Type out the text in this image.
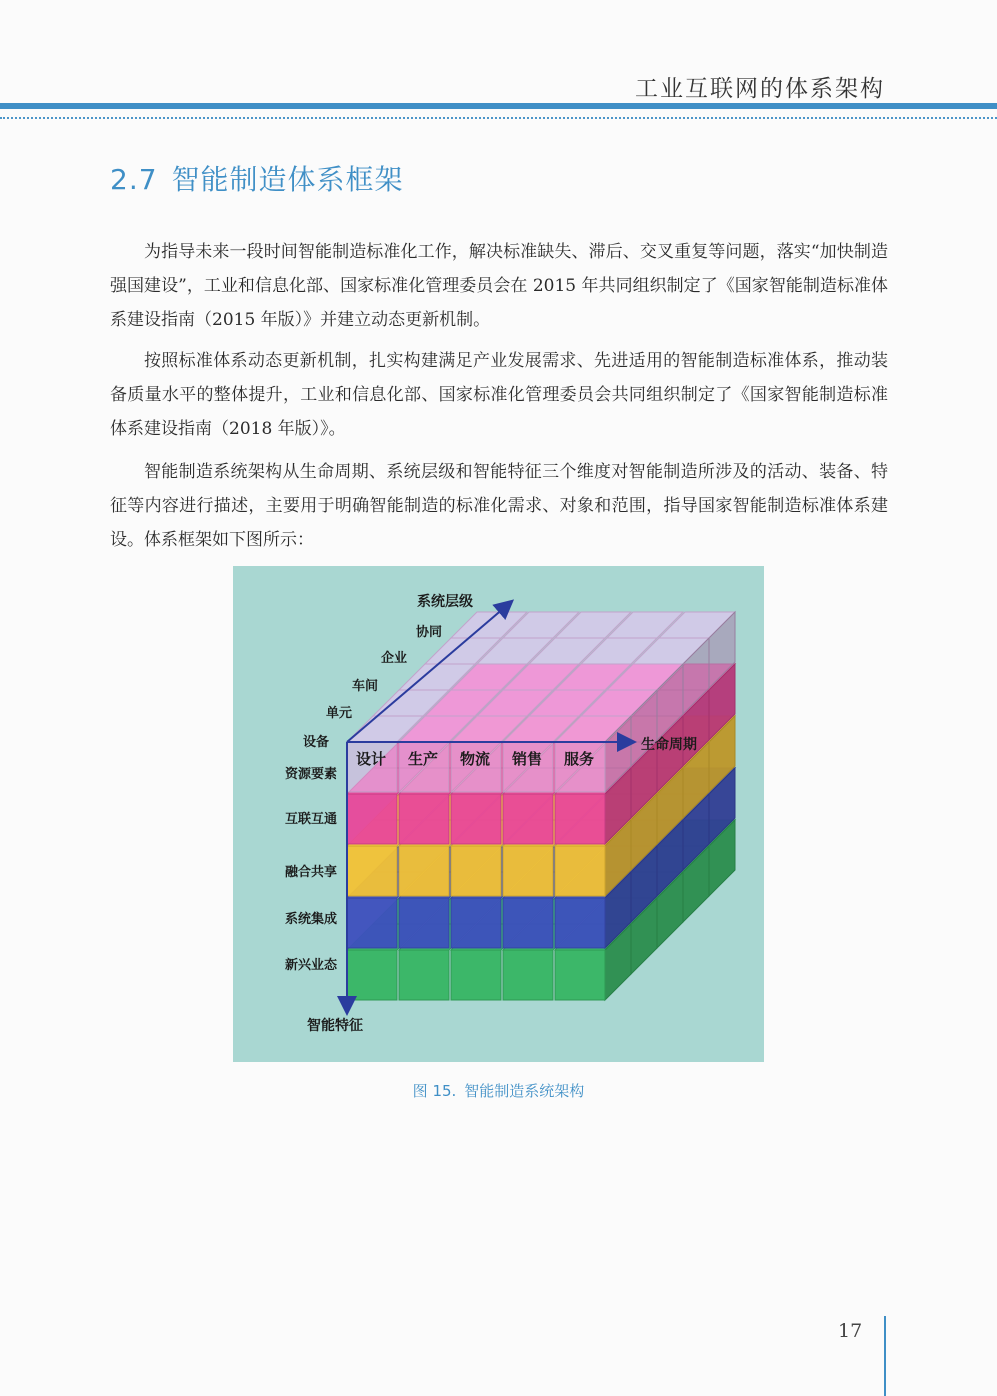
工业互联网的体系架构
2.7 智能制造体系框架

为指导未来一段时间智能制造标准化工作，解决标准缺失、滞后、交叉重复等问题，落实“加快制造强国建设”，工业和信息化部、国家标准化管理委员会在 2015 年共同组织制定了《国家智能制造标准体系建设指南（2015 年版）》并建立动态更新机制。

按照标准体系动态更新机制，扎实构建满足产业发展需求、先进适用的智能制造标准体系，推动装备质量水平的整体提升，工业和信息化部、国家标准化管理委员会共同组织制定了《国家智能制造标准体系建设指南（2018 年版）》。

智能制造系统架构从生命周期、系统层级和智能特征三个维度对智能制造所涉及的活动、装备、特征等内容进行描述，主要用于明确智能制造的标准化需求、对象和范围，指导国家智能制造标准体系建设。体系框架如下图所示：

系统层级
生命周期
智能特征
协同
企业
车间
单元
设备
设计 生产 物流 销售 服务
资源要素
互联互通
融合共享
系统集成
新兴业态
图 15. 智能制造系统架构
17
